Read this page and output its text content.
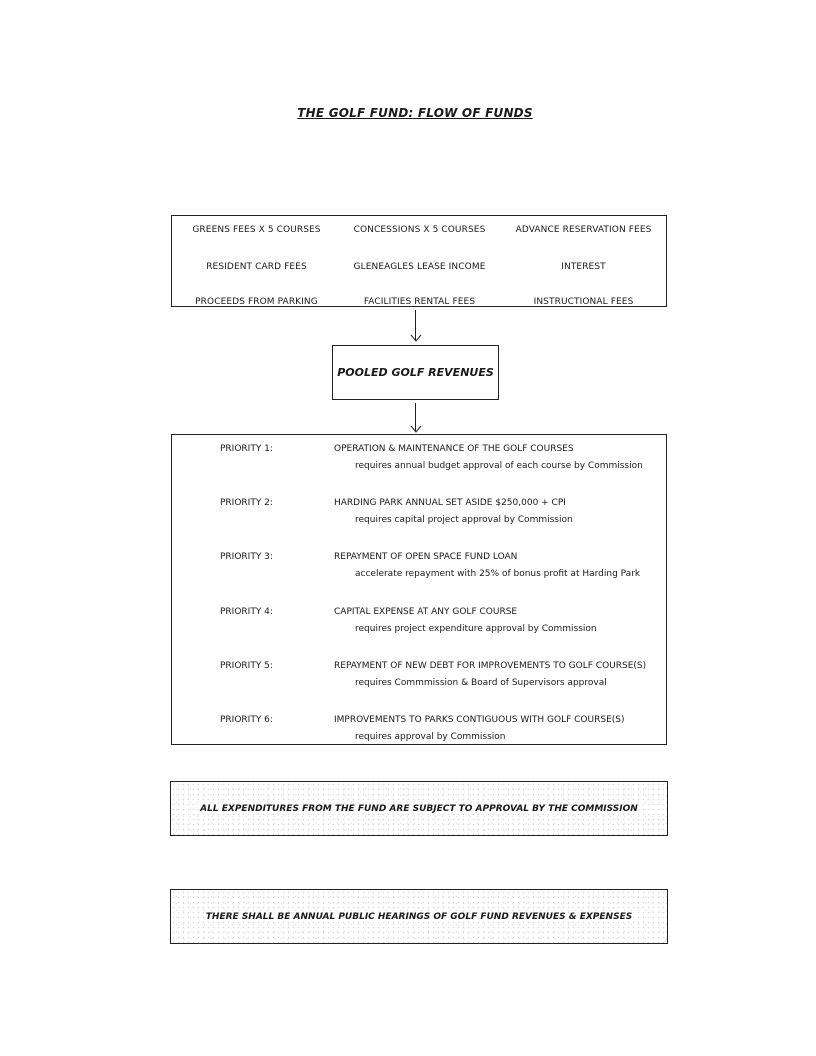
THE GOLF FUND: FLOW OF FUNDS
GREENS FEES X 5 COURSES	CONCESSIONS X 5 COURSES	ADVANCE RESERVATION FEES
RESIDENT CARD FEES	GLENEAGLES LEASE INCOME	INTEREST
PROCEEDS FROM PARKING	FACILITIES RENTAL FEES	INSTRUCTIONAL FEES
POOLED GOLF REVENUES
PRIORITY 1:	OPERATION & MAINTENANCE OF THE GOLF COURSES
requires annual budget approval of each course by Commission
PRIORITY 2:	HARDING PARK ANNUAL SET ASIDE $250,000 + CPI
requires capital project approval by Commission
PRIORITY 3:	REPAYMENT OF OPEN SPACE FUND LOAN
accelerate repayment with 25% of bonus profit at Harding Park
PRIORITY 4:	CAPITAL EXPENSE AT ANY GOLF COURSE
requires project expenditure approval by Commission
PRIORITY 5:	REPAYMENT OF NEW DEBT FOR IMPROVEMENTS TO GOLF COURSE(S)
requires Commmission & Board of Supervisors approval
PRIORITY 6:	IMPROVEMENTS TO PARKS CONTIGUOUS WITH GOLF COURSE(S)
requires approval by Commission
ALL EXPENDITURES FROM THE FUND ARE SUBJECT TO APPROVAL BY THE COMMISSION
THERE SHALL BE ANNUAL PUBLIC HEARINGS OF GOLF FUND REVENUES & EXPENSES
